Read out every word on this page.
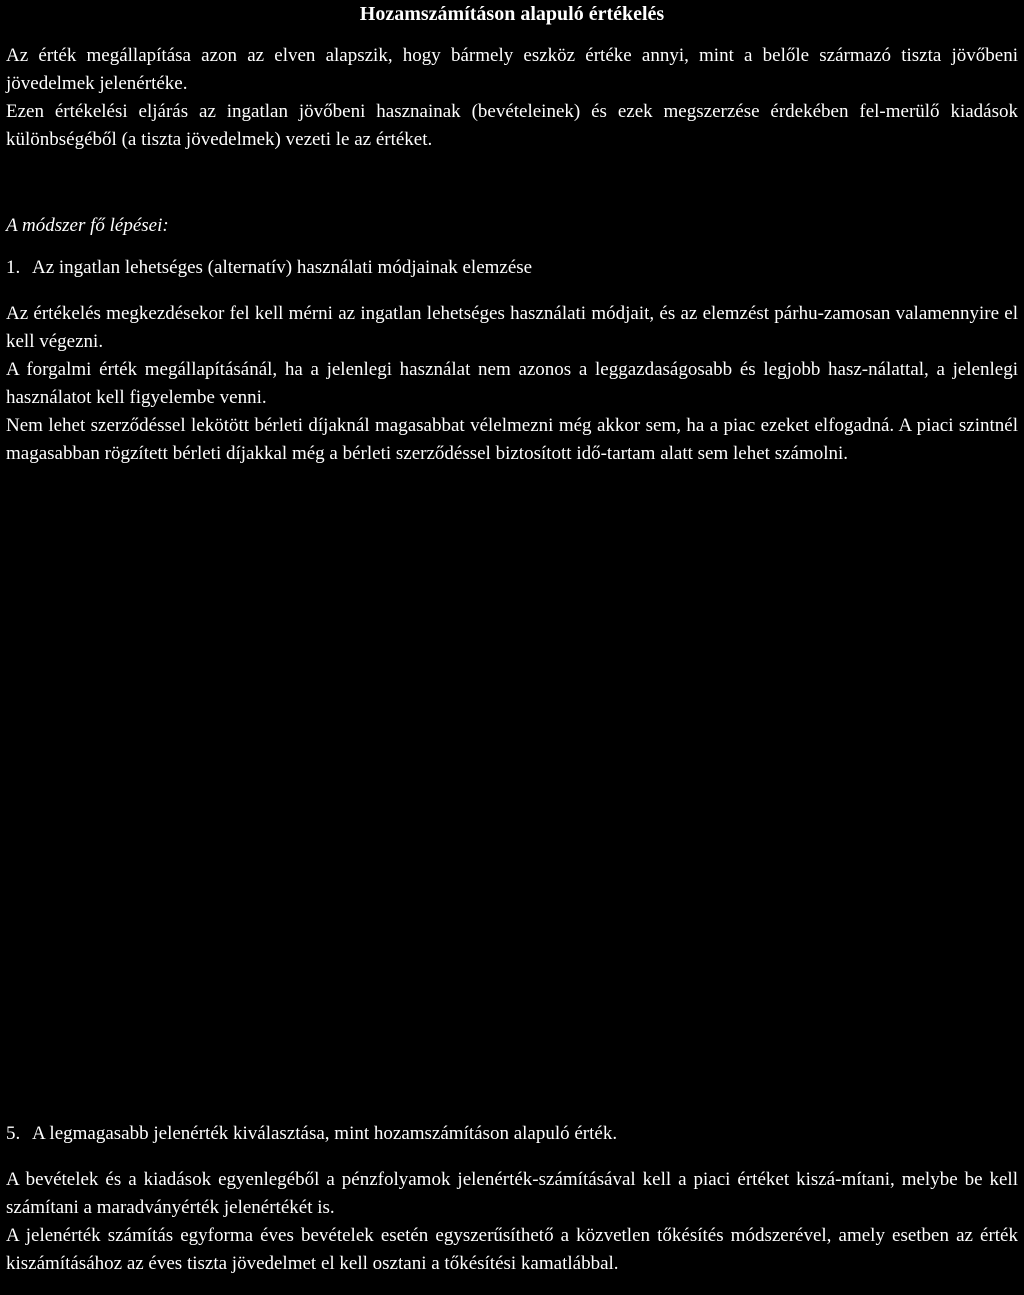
Hozamszámításon alapuló értékelés

Az érték megállapítása azon az elven alapszik, hogy bármely eszköz értéke annyi, mint a belőle származó tiszta jövőbeni jövedelmek jelenértéke.

Ezen értékelési eljárás az ingatlan jövőbeni hasznainak (bevételeinek) és ezek megszerzése érdekében fel-merülő kiadások különbségéből (a tiszta jövedelmek) vezeti le az értéket.

A módszer fő lépései:
1. Az ingatlan lehetséges (alternatív) használati módjainak elemzése

Az értékelés megkezdésekor fel kell mérni az ingatlan lehetséges használati módjait, és az elemzést párhu-zamosan valamennyire el kell végezni.

A forgalmi érték megállapításánál, ha a jelenlegi használat nem azonos a leggazdaságosabb és legjobb hasz-nálattal, a jelenlegi használatot kell figyelembe venni.

Nem lehet szerződéssel lekötött bérleti díjaknál magasabbat vélelmezni még akkor sem, ha a piac ezeket elfogadná. A piaci szintnél magasabban rögzített bérleti díjakkal még a bérleti szerződéssel biztosított idő-tartam alatt sem lehet számolni.

5. A legmagasabb jelenérték kiválasztása, mint hozamszámításon alapuló érték.

A bevételek és a kiadások egyenlegéből a pénzfolyamok jelenérték-számításával kell a piaci értéket kiszá-mítani, melybe be kell számítani a maradványérték jelenértékét is.

A jelenérték számítás egyforma éves bevételek esetén egyszerűsíthető a közvetlen tőkésítés módszerével, amely esetben az érték kiszámításához az éves tiszta jövedelmet el kell osztani a tőkésítési kamatlábbal.
